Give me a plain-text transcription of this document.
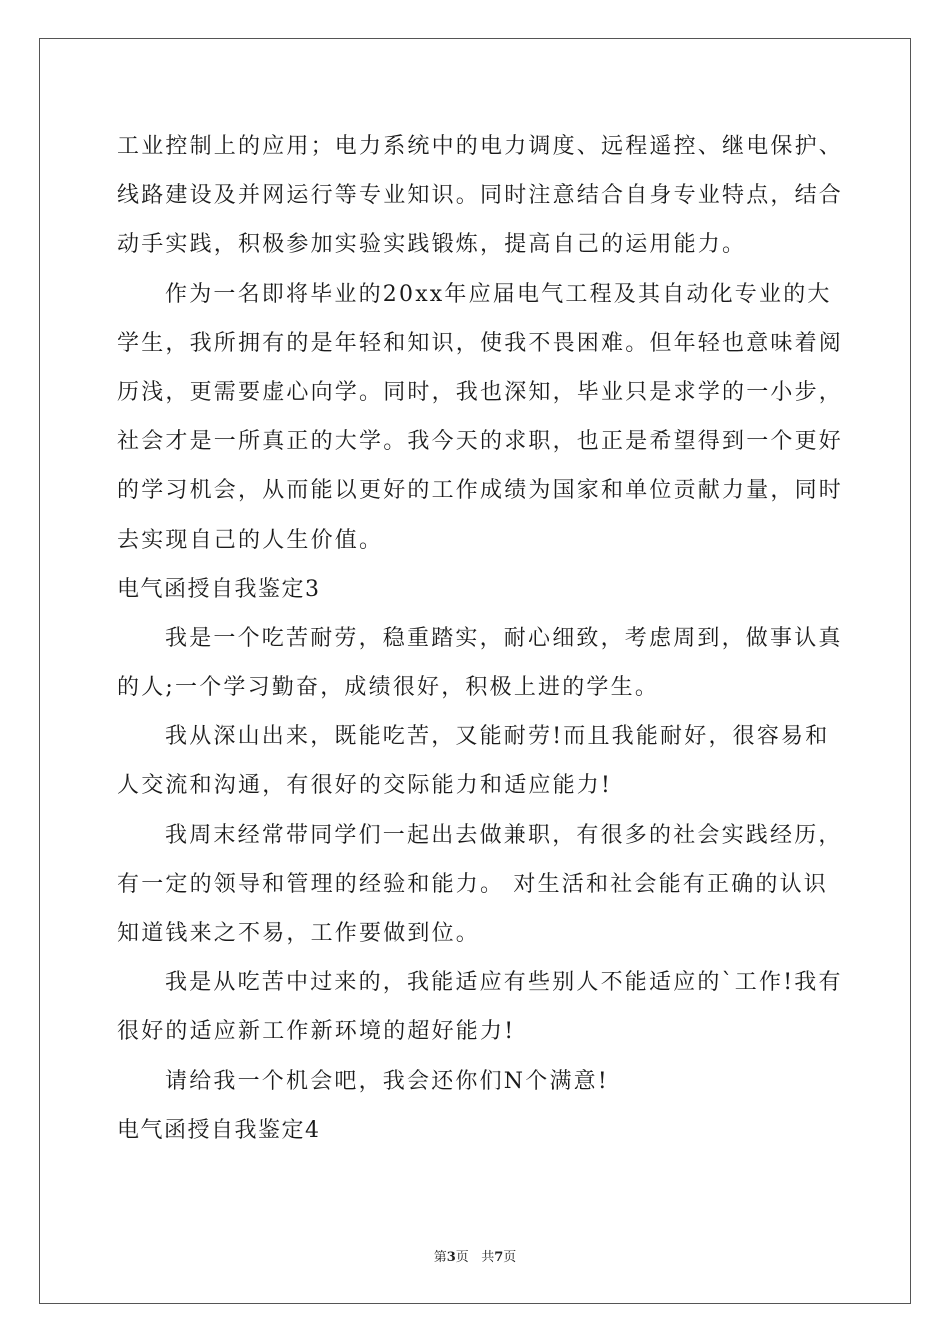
工业控制上的应用；电力系统中的电力调度、远程遥控、继电保护、
线路建设及并网运行等专业知识。同时注意结合自身专业特点，结合
动手实践，积极参加实验实践锻炼，提高自己的运用能力。
作为一名即将毕业的20xx年应届电气工程及其自动化专业的大
学生，我所拥有的是年轻和知识，使我不畏困难。但年轻也意味着阅
历浅，更需要虚心向学。同时，我也深知，毕业只是求学的一小步，
社会才是一所真正的大学。我今天的求职，也正是希望得到一个更好
的学习机会，从而能以更好的工作成绩为国家和单位贡献力量，同时
去实现自己的人生价值。
电气函授自我鉴定3
我是一个吃苦耐劳，稳重踏实，耐心细致，考虑周到，做事认真
的人;一个学习勤奋，成绩很好，积极上进的学生。
我从深山出来，既能吃苦，又能耐劳!而且我能耐好，很容易和
人交流和沟通，有很好的交际能力和适应能力!
我周末经常带同学们一起出去做兼职，有很多的社会实践经历，
有一定的领导和管理的经验和能力。 对生活和社会能有正确的认识
知道钱来之不易，工作要做到位。
我是从吃苦中过来的，我能适应有些别人不能适应的`工作!我有
很好的适应新工作新环境的超好能力!
请给我一个机会吧，我会还你们N个满意!
电气函授自我鉴定4
第3页 共7页
